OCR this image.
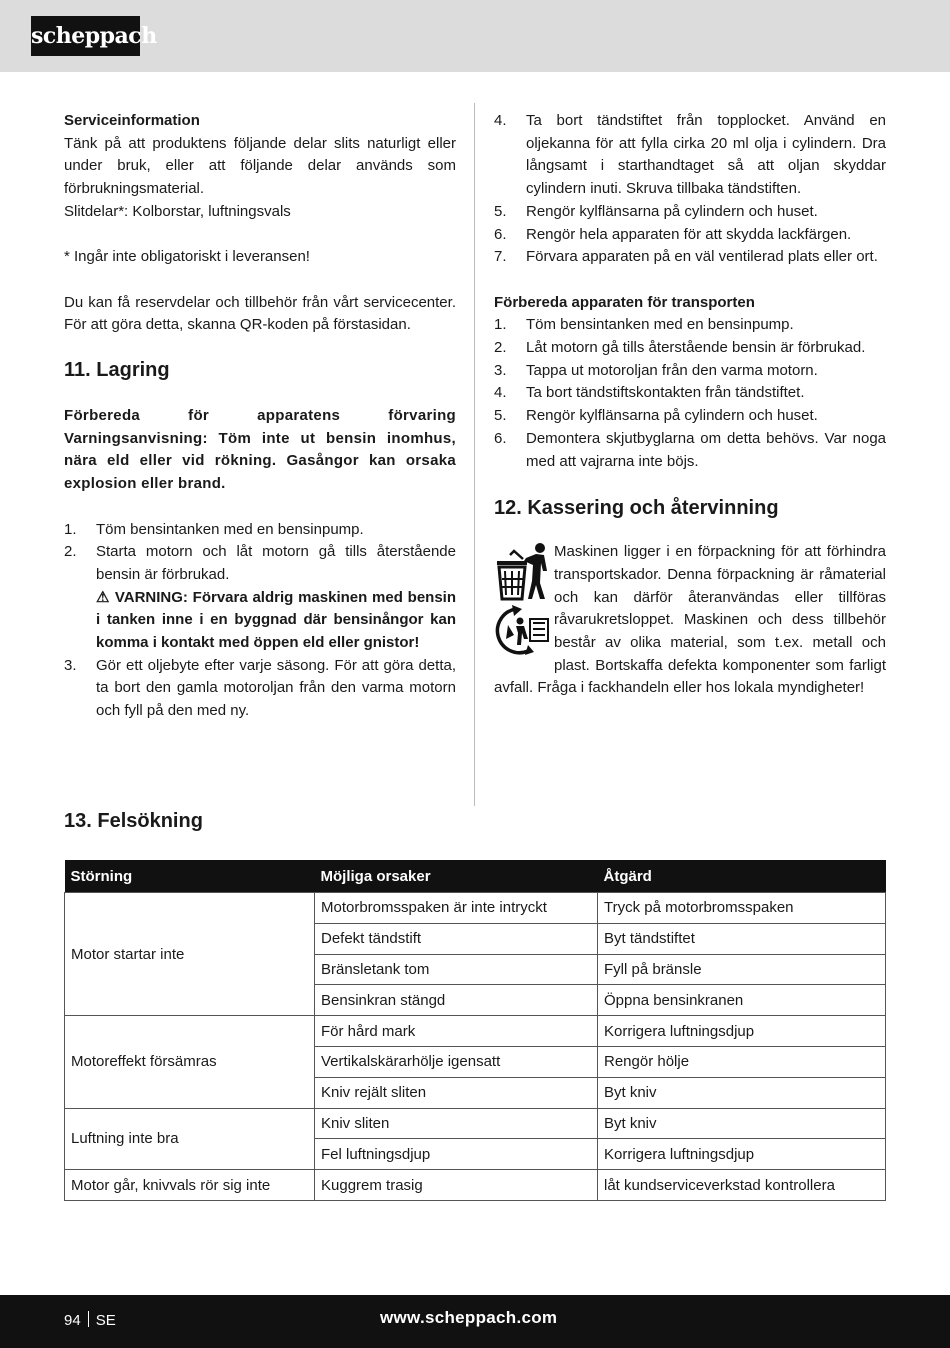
scheppach

Serviceinformation

Tänk på att produktens följande delar slits naturligt eller under bruk, eller att följande delar används som förbrukningsmaterial.

Slitdelar*: Kolborstar, luftningsvals

* Ingår inte obligatoriskt i leveransen!

Du kan få reservdelar och tillbehör från vårt servicecenter. För att göra detta, skanna QR-koden på förstasidan.

11. Lagring

Förbereda för apparatens förvaring Varningsanvisning: Töm inte ut bensin inomhus, nära eld eller vid rökning. Gasångor kan orsaka explosion eller brand.

1.	Töm bensintanken med en bensinpump.
2.	Starta motorn och låt motorn gå tills återstående bensin är förbrukad.
⚠ VARNING: Förvara aldrig maskinen med bensin i tanken inne i en byggnad där bensinångor kan komma i kontakt med öppen eld eller gnistor!
3.	Gör ett oljebyte efter varje säsong. För att göra detta, ta bort den gamla motoroljan från den varma motorn och fyll på den med ny.
4.	Ta bort tändstiftet från topplocket. Använd en oljekanna för att fylla cirka 20 ml olja i cylindern. Dra långsamt i starthandtaget så att oljan skyddar cylindern inuti. Skruva tillbaka tändstiften.
5.	Rengör kylflänsarna på cylindern och huset.
6.	Rengör hela apparaten för att skydda lackfärgen.
7.	Förvara apparaten på en väl ventilerad plats eller ort.

Förbereda apparaten för transporten

1.	Töm bensintanken med en bensinpump.
2.	Låt motorn gå tills återstående bensin är förbrukad.
3.	Tappa ut motoroljan från den varma motorn.
4.	Ta bort tändstiftskontakten från tändstiftet.
5.	Rengör kylflänsarna på cylindern och huset.
6.	Demontera skjutbyglarna om detta behövs. Var noga med att vajrarna inte böjs.
12. Kassering och återvinning

Maskinen ligger i en förpackning för att förhindra transportskador. Denna förpackning är råmaterial och kan därför återanvändas eller tillföras råvarukretsloppet. Maskinen och dess tillbehör består av olika material, som t.ex. metall och plast. Bortskaffa defekta komponenter som farligt avfall. Fråga i fackhandeln eller hos lokala myndigheter!

13. Felsökning
Störning	Möjliga orsaker	Åtgärd
Motor startar inte	Motorbromsspaken är inte intryckt	Tryck på motorbromsspaken
	Defekt tändstift	Byt tändstiftet
	Bränsletank tom	Fyll på bränsle
	Bensinkran stängd	Öppna bensinkranen
Motoreffekt försämras	För hård mark	Korrigera luftningsdjup
	Vertikalskärarhölje igensatt	Rengör hölje
	Kniv rejält sliten	Byt kniv
Luftning inte bra	Kniv sliten	Byt kniv
	Fel luftningsdjup	Korrigera luftningsdjup
Motor går, knivvals rör sig inte	Kuggrem trasig	låt kundserviceverkstad kontrollera
94 SE	www.scheppach.com
